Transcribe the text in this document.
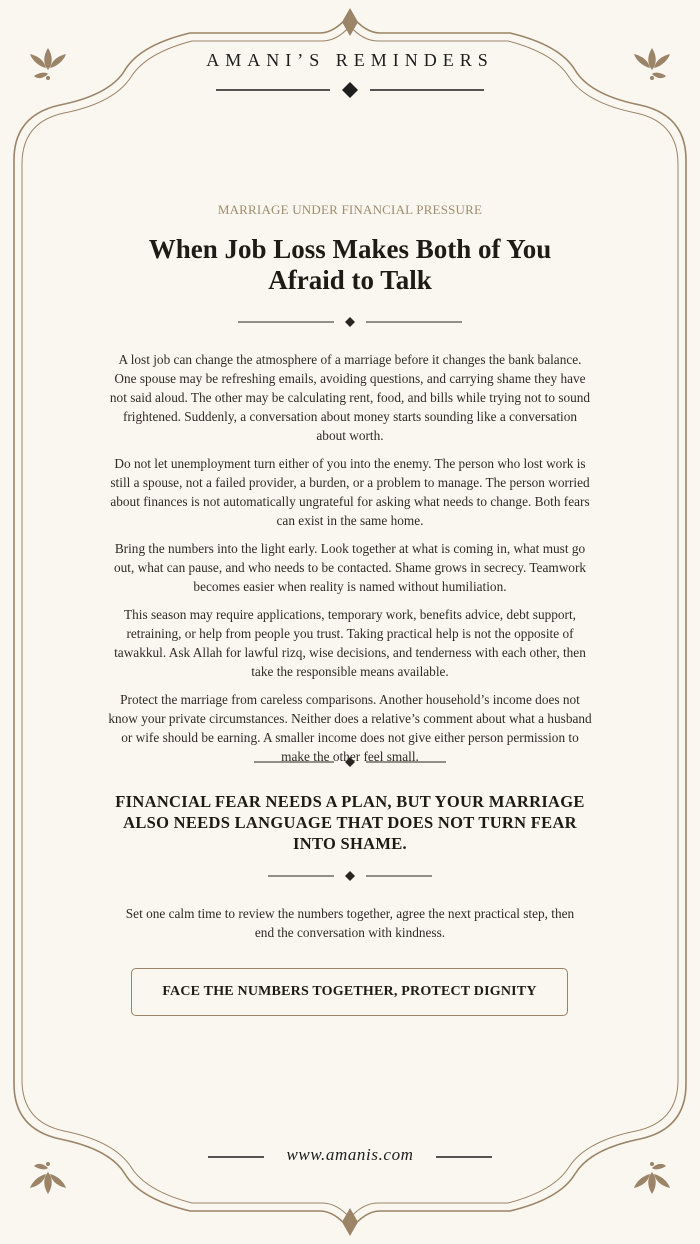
AMANI’S REMINDERS
MARRIAGE UNDER FINANCIAL PRESSURE
When Job Loss Makes Both of You Afraid to Talk

A lost job can change the atmosphere of a marriage before it changes the bank balance. One spouse may be refreshing emails, avoiding questions, and carrying shame they have not said aloud. The other may be calculating rent, food, and bills while trying not to sound frightened. Suddenly, a conversation about money starts sounding like a conversation about worth.

Do not let unemployment turn either of you into the enemy. The person who lost work is still a spouse, not a failed provider, a burden, or a problem to manage. The person worried about finances is not automatically ungrateful for asking what needs to change. Both fears can exist in the same home.

Bring the numbers into the light early. Look together at what is coming in, what must go out, what can pause, and who needs to be contacted. Shame grows in secrecy. Teamwork becomes easier when reality is named without humiliation.

This season may require applications, temporary work, benefits advice, debt support, retraining, or help from people you trust. Taking practical help is not the opposite of tawakkul. Ask Allah for lawful rizq, wise decisions, and tenderness with each other, then take the responsible means available.

Protect the marriage from careless comparisons. Another household’s income does not know your private circumstances. Neither does a relative’s comment about what a husband or wife should be earning. A smaller income does not give either person permission to make the other feel small.

FINANCIAL FEAR NEEDS A PLAN, BUT YOUR MARRIAGE ALSO NEEDS LANGUAGE THAT DOES NOT TURN FEAR INTO SHAME.

Set one calm time to review the numbers together, agree the next practical step, then end the conversation with kindness.

FACE THE NUMBERS TOGETHER, PROTECT DIGNITY
www.amanis.com
